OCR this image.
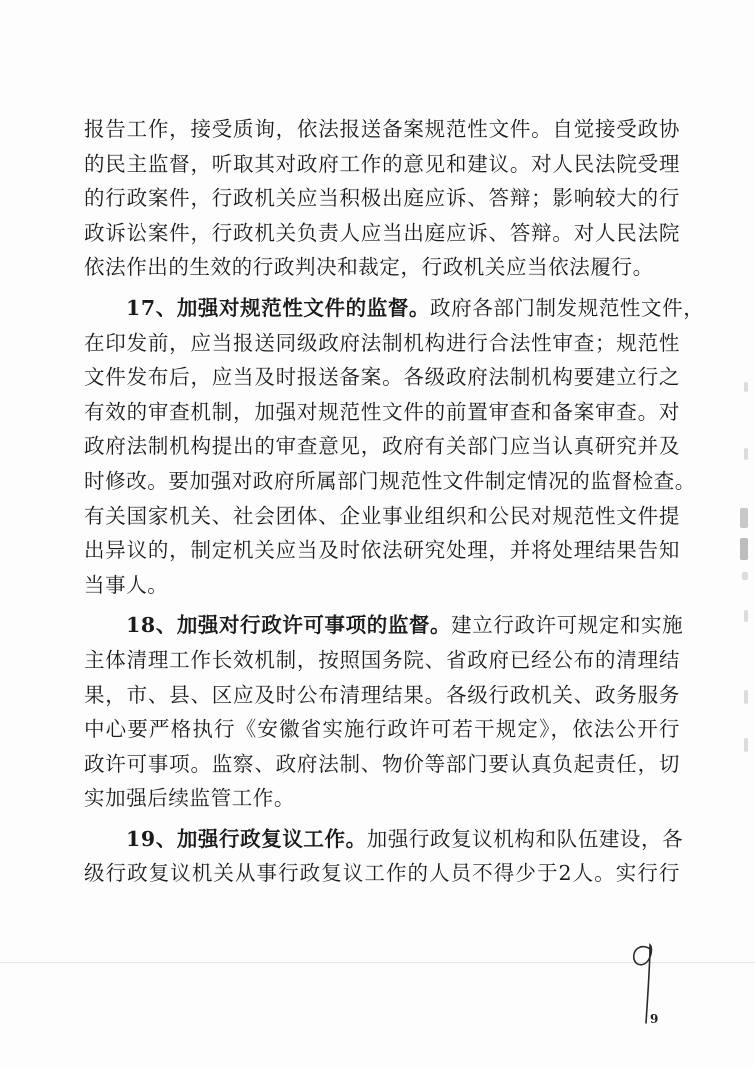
报告工作，接受质询，依法报送备案规范性文件。自觉接受政协
的民主监督，听取其对政府工作的意见和建议。对人民法院受理
的行政案件，行政机关应当积极出庭应诉、答辩；影响较大的行
政诉讼案件，行政机关负责人应当出庭应诉、答辩。对人民法院
依法作出的生效的行政判决和裁定，行政机关应当依法履行。
17、加强对规范性文件的监督。政府各部门制发规范性文件，
在印发前，应当报送同级政府法制机构进行合法性审查；规范性
文件发布后，应当及时报送备案。各级政府法制机构要建立行之
有效的审查机制，加强对规范性文件的前置审查和备案审查。对
政府法制机构提出的审查意见，政府有关部门应当认真研究并及
时修改。要加强对政府所属部门规范性文件制定情况的监督检查。
有关国家机关、社会团体、企业事业组织和公民对规范性文件提
出异议的，制定机关应当及时依法研究处理，并将处理结果告知
当事人。
18、加强对行政许可事项的监督。建立行政许可规定和实施
主体清理工作长效机制，按照国务院、省政府已经公布的清理结
果，市、县、区应及时公布清理结果。各级行政机关、政务服务
中心要严格执行《安徽省实施行政许可若干规定》，依法公开行
政许可事项。监察、政府法制、物价等部门要认真负起责任，切
实加强后续监管工作。
19、加强行政复议工作。加强行政复议机构和队伍建设，各
级行政复议机关从事行政复议工作的人员不得少于2人。实行行
9
